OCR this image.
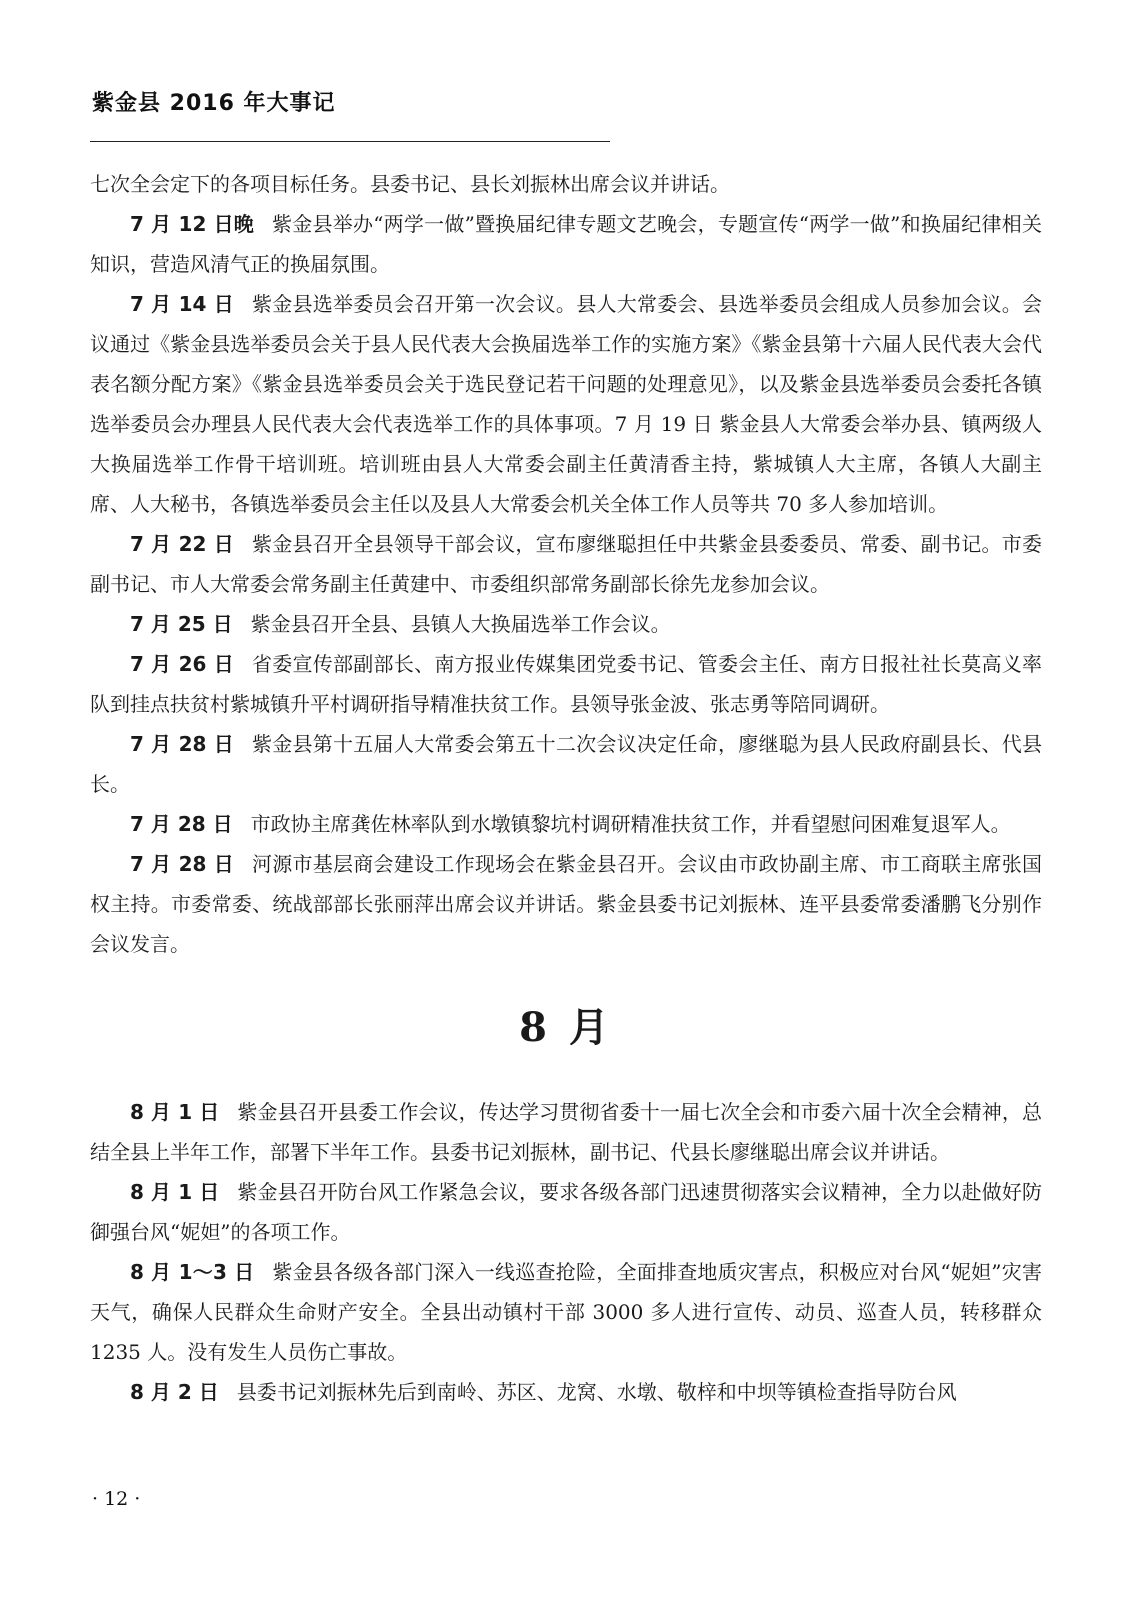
紫金县 2016 年大事记

七次全会定下的各项目标任务。县委书记、县长刘振林出席会议并讲话。

7 月 12 日晚 紫金县举办“两学一做”暨换届纪律专题文艺晚会，专题宣传“两学一做”和换届纪律相关知识，营造风清气正的换届氛围。

7 月 14 日 紫金县选举委员会召开第一次会议。县人大常委会、县选举委员会组成人员参加会议。会议通过《紫金县选举委员会关于县人民代表大会换届选举工作的实施方案》《紫金县第十六届人民代表大会代表名额分配方案》《紫金县选举委员会关于选民登记若干问题的处理意见》，以及紫金县选举委员会委托各镇选举委员会办理县人民代表大会代表选举工作的具体事项。7 月 19 日 紫金县人大常委会举办县、镇两级人大换届选举工作骨干培训班。培训班由县人大常委会副主任黄清香主持，紫城镇人大主席，各镇人大副主席、人大秘书，各镇选举委员会主任以及县人大常委会机关全体工作人员等共 70 多人参加培训。

7 月 22 日 紫金县召开全县领导干部会议，宣布廖继聪担任中共紫金县委委员、常委、副书记。市委副书记、市人大常委会常务副主任黄建中、市委组织部常务副部长徐先龙参加会议。

7 月 25 日 紫金县召开全县、县镇人大换届选举工作会议。

7 月 26 日 省委宣传部副部长、南方报业传媒集团党委书记、管委会主任、南方日报社社长莫高义率队到挂点扶贫村紫城镇升平村调研指导精准扶贫工作。县领导张金波、张志勇等陪同调研。

7 月 28 日 紫金县第十五届人大常委会第五十二次会议决定任命，廖继聪为县人民政府副县长、代县长。

7 月 28 日 市政协主席龚佐林率队到水墩镇黎坑村调研精准扶贫工作，并看望慰问困难复退军人。

7 月 28 日 河源市基层商会建设工作现场会在紫金县召开。会议由市政协副主席、市工商联主席张国权主持。市委常委、统战部部长张丽萍出席会议并讲话。紫金县委书记刘振林、连平县委常委潘鹏飞分别作会议发言。

8 月

8 月 1 日 紫金县召开县委工作会议，传达学习贯彻省委十一届七次全会和市委六届十次全会精神，总结全县上半年工作，部署下半年工作。县委书记刘振林，副书记、代县长廖继聪出席会议并讲话。

8 月 1 日 紫金县召开防台风工作紧急会议，要求各级各部门迅速贯彻落实会议精神，全力以赴做好防御强台风“妮妲”的各项工作。

8 月 1～3 日 紫金县各级各部门深入一线巡查抢险，全面排查地质灾害点，积极应对台风“妮妲”灾害天气，确保人民群众生命财产安全。全县出动镇村干部 3000 多人进行宣传、动员、巡查人员，转移群众 1235 人。没有发生人员伤亡事故。

8 月 2 日 县委书记刘振林先后到南岭、苏区、龙窝、水墩、敬梓和中坝等镇检查指导防台风

· 12 ·
